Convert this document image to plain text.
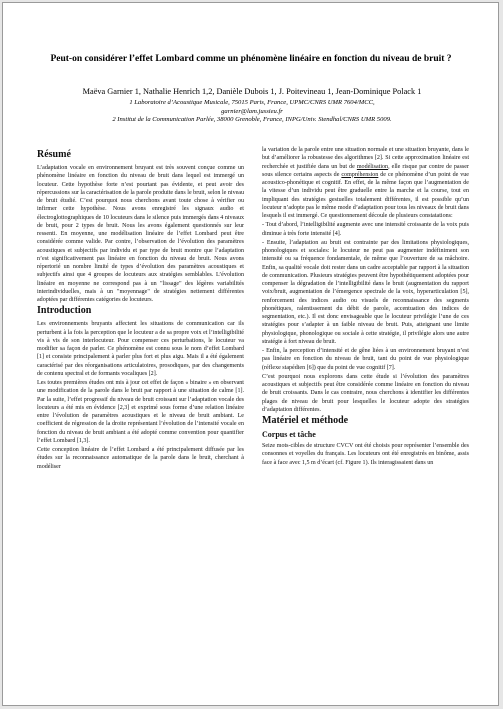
Peut-on considérer l’effet Lombard comme un phénomène linéaire en fonction du niveau de bruit ?
Maëva Garnier 1, Nathalie Henrich 1,2, Danièle Dubois 1, J. Poitevineau 1, Jean-Dominique Polack 1
1 Laboratoire d’Acoustique Musicale, 75015 Paris, France, UPMC/CNRS UMR 7604/MCC,
garnier@lam.jussieu.fr
2 Institut de la Communication Parlée, 38000 Grenoble, France, INPG/Univ. Stendhal/CNRS UMR 5009.
Résumé

L’adaptation vocale en environnement bruyant est très souvent conçue comme un phénomène linéaire en fonction du niveau de bruit dans lequel est immergé un locuteur. Cette hypothèse forte n’est pourtant pas évidente, et peut avoir des répercussions sur la caractérisation de la parole produite dans le bruit, selon le niveau de bruit étudié. C’est pourquoi nous cherchons avant toute chose à vérifier ou infirmer cette hypothèse. Nous avons enregistré les signaux audio et électroglottographiques de 10 locuteurs dans le silence puis immergés dans 4 niveaux de bruit, pour 2 types de bruit. Nous les avons également questionnés sur leur ressenti. En moyenne, une modélisation linéaire de l’effet Lombard peut être considérée comme valide. Par contre, l’observation de l’évolution des paramètres acoustiques et subjectifs par individu et par type de bruit montre que l’adaptation n’est significativement pas linéaire en fonction du niveau de bruit. Nous avons répertorié un nombre limité de types d’évolution des paramètres acoustiques et subjectifs ainsi que 4 groupes de locuteurs aux stratégies semblables. L’évolution linéaire en moyenne ne correspond pas à un "lissage" des légères variabilités interindividuelles, mais à un "moyennage" de stratégies nettement différentes adoptées par différentes catégories de locuteurs.

Introduction

Les environnements bruyants affectent les situations de communication car ils perturbent à la fois la perception que le locuteur a de sa propre voix et l’intelligibilité vis à vis de son interlocuteur. Pour compenser ces perturbations, le locuteur va modifier sa façon de parler. Ce phénomène est connu sous le nom d’effet Lombard [1] et consiste principalement à parler plus fort et plus aigu. Mais il a été également caractérisé par des réorganisations articulatoires, prosodiques, par des changements de contenu spectral et de formants vocaliques [2].

Les toutes premières études ont mis à jour cet effet de façon « binaire » en observant une modification de la parole dans le bruit par rapport à une situation de calme [1]. Par la suite, l’effet progressif du niveau de bruit croissant sur l’adaptation vocale des locuteurs a été mis en évidence [2,3] et exprimé sous forme d’une relation linéaire entre l’évolution de paramètres acoustiques et le niveau de bruit ambiant. Le coefficient de régression de la droite représentant l’évolution de l’intensité vocale en fonction du niveau de bruit ambiant a été adopté comme convention pour quantifier l’effet Lombard [1,3].

Cette conception linéaire de l’effet Lombard a été principalement diffusée par les études sur la reconnaissance automatique de la parole dans le bruit, cherchant à modéliser

la variation de la parole entre une situation normale et une situation bruyante, dans le but d’améliorer la robustesse des algorithmes [2]. Si cette approximation linéaire est recherchée et justifiée dans un but de modélisation, elle risque par contre de passer sous silence certains aspects de compréhension de ce phénomène d’un point de vue acoustico-phonétique et cognitif. En effet, de la même façon que l’augmentation de la vitesse d’un individu peut être graduelle entre la marche et la course, tout en impliquant des stratégies gestuelles totalement différentes, il est possible qu’un locuteur n’adopte pas le même mode d’adaptation pour tous les niveaux de bruit dans lesquels il est immergé. Ce questionnement découle de plusieurs constatations:

- Tout d’abord, l’intelligibilité augmente avec une intensité croissante de la voix puis diminue à très forte intensité [4].

- Ensuite, l’adaptation au bruit est contrainte par des limitations physiologiques, phonologiques et sociales: le locuteur ne peut pas augmenter indéfiniment son intensité ou sa fréquence fondamentale, de même que l’ouverture de sa mâchoire. Enfin, sa qualité vocale doit rester dans un cadre acceptable par rapport à la situation de communication. Plusieurs stratégies peuvent être hypothétiquement adoptées pour compenser la dégradation de l’intelligibilité dans le bruit (augmentation du rapport voix/bruit, augmentation de l’émergence spectrale de la voix, hyperarticulation [5], renforcement des indices audio ou visuels de reconnaissance des segments phonétiques, ralentissement du débit de parole, accentuation des indices de segmentation, etc.). Il est donc envisageable que le locuteur privilégie l’une de ces stratégies pour s’adapter à un faible niveau de bruit. Puis, atteignant une limite physiologique, phonologique ou sociale à cette stratégie, il privilégie alors une autre stratégie à fort niveau de bruit.

- Enfin, la perception d’intensité et de gêne liées à un environnement bruyant n’est pas linéaire en fonction du niveau de bruit, tant du point de vue physiologique (réflexe stapédien [6]) que du point de vue cognitif [7].

C’est pourquoi nous explorons dans cette étude si l’évolution des paramètres acoustiques et subjectifs peut être considérée comme linéaire en fonction du niveau de bruit croissants. Dans le cas contraire, nous cherchons à identifier les différentes plages de niveau de bruit pour lesquelles le locuteur adopte des stratégies d’adaptation différentes.

Matériel et méthode
Corpus et tâche

Seize mots-cibles de structure CVCV ont été choisis pour représenter l’ensemble des consonnes et voyelles du français. Les locuteurs ont été enregistrés en binôme, assis face à face avec 1,5 m d’écart (cf. Figure 1). Ils interagissaient dans un
